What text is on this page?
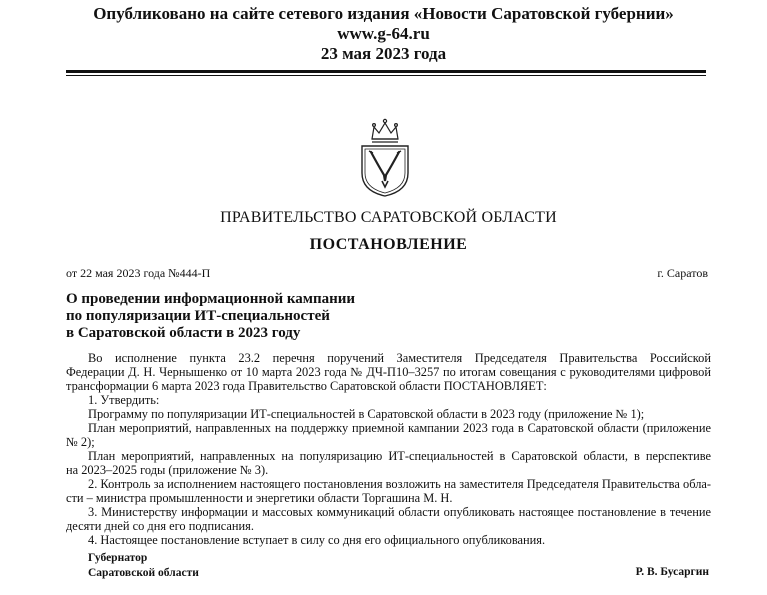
Опубликовано на сайте сетевого издания «Новости Саратовской губернии»
www.g-64.ru
23 мая 2023 года
ПРАВИТЕЛЬСТВО САРАТОВСКОЙ ОБЛАСТИ
ПОСТАНОВЛЕНИЕ
от 22 мая 2023 года №444-П	г. Саратов
О проведении информационной кампании
по популяризации ИТ-специальностей
в Саратовской области в 2023 году

Во исполнение пункта 23.2 перечня поручений Заместителя Председателя Правительства Российской

Федерации Д. Н. Чернышенко от 10 марта 2023 года № ДЧ-П10–3257 по итогам совещания с руководителями цифровой

трансформации 6 марта 2023 года Правительство Саратовской области ПОСТАНОВЛЯЕТ:

1. Утвердить:

Программу по популяризации ИТ-специальностей в Саратовской области в 2023 году (приложение № 1);

План мероприятий, направленных на поддержку приемной кампании 2023 года в Саратовской области (приложение

№ 2);

План мероприятий, направленных на популяризацию ИТ-специальностей в Саратовской области, в перспективе

на 2023–2025 годы (приложение № 3).

2. Контроль за исполнением настоящего постановления возложить на заместителя Председателя Правительства обла-

сти – министра промышленности и энергетики области Торгашина М. Н.

3. Министерству информации и массовых коммуникаций области опубликовать настоящее постановление в течение

десяти дней со дня его подписания.

4. Настоящее постановление вступает в силу со дня его официального опубликования.

Губернатор
Саратовской области	Р. В. Бусаргин
